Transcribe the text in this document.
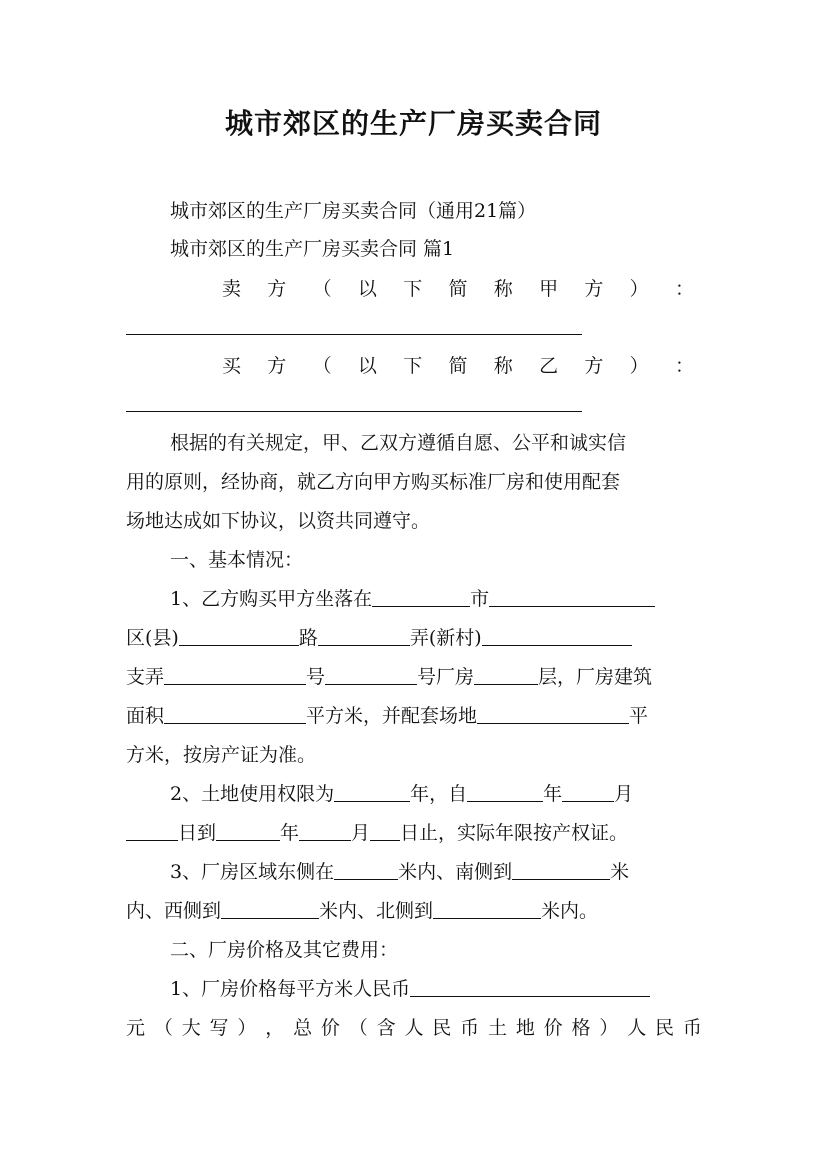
城市郊区的生产厂房买卖合同
城市郊区的生产厂房买卖合同（通用21篇）
城市郊区的生产厂房买卖合同 篇1
卖 方 （ 以 下 简 称 甲 方 ） ：
买 方 （ 以 下 简 称 乙 方 ） ：
根据的有关规定，甲、乙双方遵循自愿、公平和诚实信
用的原则，经协商，就乙方向甲方购买标准厂房和使用配套
场地达成如下协议，以资共同遵守。
一、基本情况：
1、乙方购买甲方坐落在	市
区(县)	路	弄(新村)
支弄	号	号厂房	层，厂房建筑
面积	平方米，并配套场地	平
方米，按房产证为准。
2、土地使用权限为	年，自	年	月
日到	年	月 日止，实际年限按产权证。
3、厂房区域东侧在	米内、南侧到	米
内、西侧到	米内、北侧到	米内。
二、厂房价格及其它费用：
1、厂房价格每平方米人民币
元 （ 大 写 ） ， 总 价 （ 含 人 民 币 土 地 价 格 ） 人 民 币
